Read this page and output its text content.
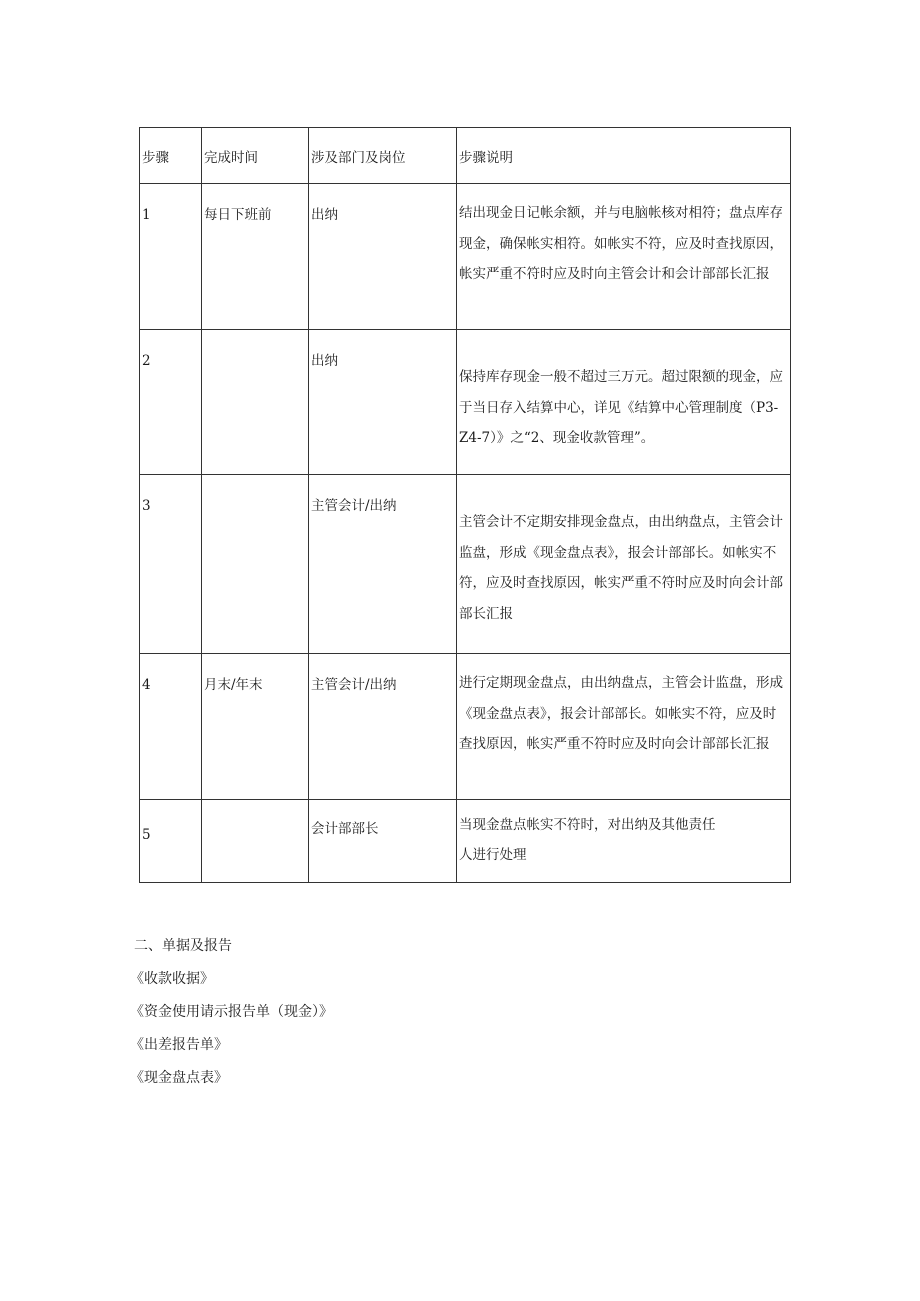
步骤	完成时间	涉及部门及岗位	步骤说明

1	每日下班前	出纳	结出现金日记帐余额，并与电脑帐核对相符；盘点库存现金，确保帐实相符。如帐实不符，应及时查找原因，帐实严重不符时应及时向主管会计和会计部部长汇报

2		出纳	保持库存现金一般不超过三万元。超过限额的现金，应于当日存入结算中心，详见《结算中心管理制度（P3-Z4-7）》之“2、现金收款管理”。

3		主管会计/出纳	主管会计不定期安排现金盘点，由出纳盘点，主管会计监盘，形成《现金盘点表》，报会计部部长。如帐实不符，应及时查找原因，帐实严重不符时应及时向会计部部长汇报

4	月末/年末	主管会计/出纳	进行定期现金盘点，由出纳盘点，主管会计监盘，形成《现金盘点表》，报会计部部长。如帐实不符，应及时查找原因，帐实严重不符时应及时向会计部部长汇报

5		会计部部长	当现金盘点帐实不符时，对出纳及其他责任
人进行处理
二、单据及报告
《收款收据》
《资金使用请示报告单（现金）》
《出差报告单》
《现金盘点表》
